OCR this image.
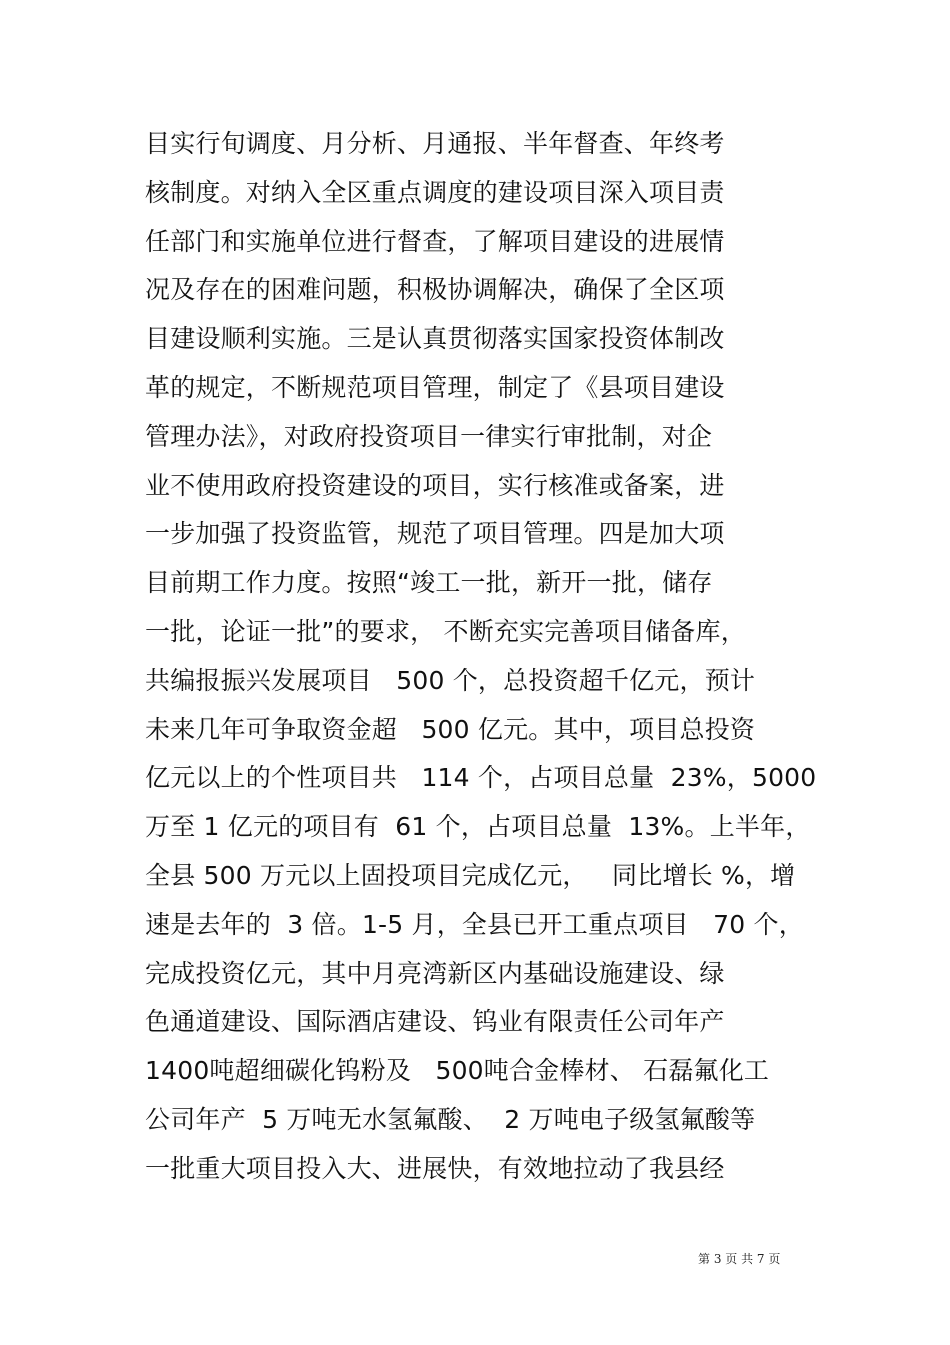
目实行旬调度、月分析、月通报、半年督查、年终考
核制度。对纳入全区重点调度的建设项目深入项目责
任部门和实施单位进行督查，了解项目建设的进展情
况及存在的困难问题，积极协调解决，确保了全区项
目建设顺利实施。三是认真贯彻落实国家投资体制改
革的规定，不断规范项目管理，制定了《县项目建设
管理办法》，对政府投资项目一律实行审批制，对企
业不使用政府投资建设的项目，实行核准或备案，进
一步加强了投资监管，规范了项目管理。四是加大项
目前期工作力度。按照“竣工一批，新开一批，储存
一批，论证一批”的要求， 不断充实完善项目储备库，
共编报振兴发展项目   500 个，总投资超千亿元，预计
未来几年可争取资金超   500 亿元。其中，项目总投资
亿元以上的个性项目共   114 个，占项目总量  23%，5000
万至 1 亿元的项目有  61 个，占项目总量  13%。上半年，
全县 500 万元以上固投项目完成亿元，   同比增长 %，增
速是去年的  3 倍。1-5 月，全县已开工重点项目   70 个，
完成投资亿元，其中月亮湾新区内基础设施建设、绿
色通道建设、国际酒店建设、钨业有限责任公司年产
1400吨超细碳化钨粉及   500吨合金棒材、 石磊氟化工
公司年产  5 万吨无水氢氟酸、  2 万吨电子级氢氟酸等
一批重大项目投入大、进展快，有效地拉动了我县经
第 3 页 共 7 页
